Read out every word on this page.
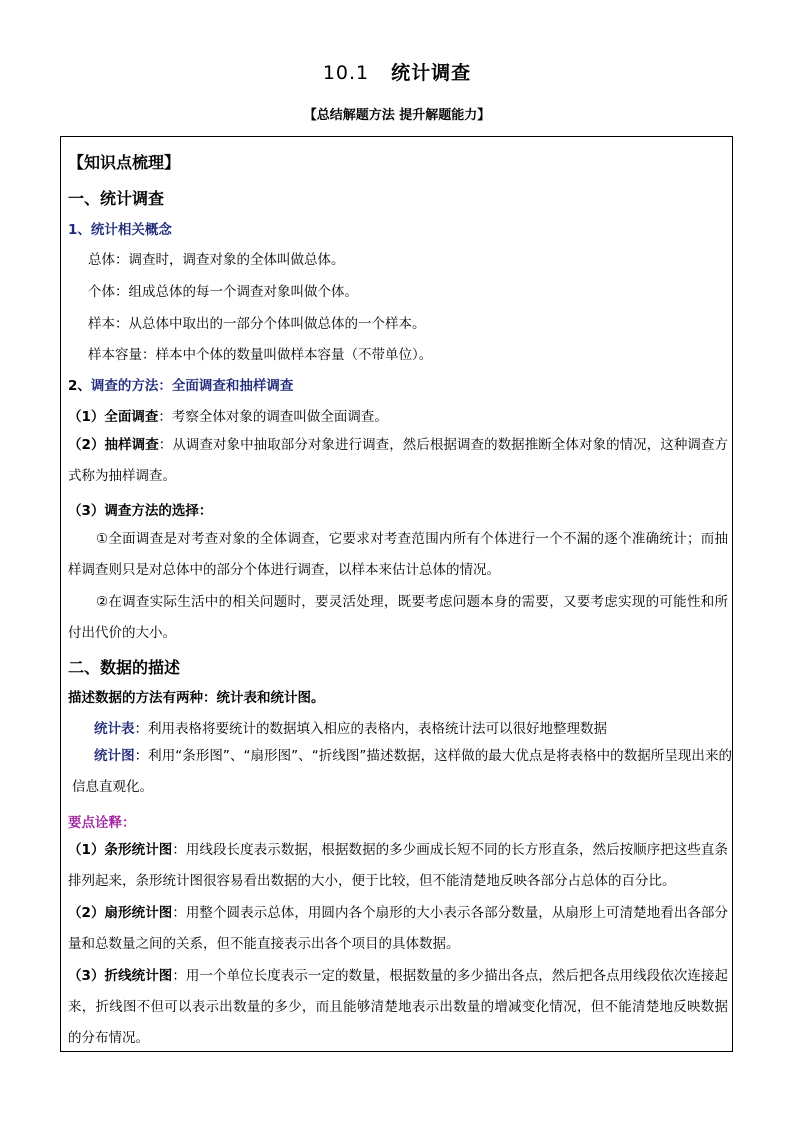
10.1 统计调查
【总结解题方法 提升解题能力】
【知识点梳理】
一、统计调查
1、统计相关概念
总体：调查时，调查对象的全体叫做总体。
个体：组成总体的每一个调查对象叫做个体。
样本：从总体中取出的一部分个体叫做总体的一个样本。
样本容量：样本中个体的数量叫做样本容量（不带单位）。
2、调查的方法：全面调查和抽样调查
（1）全面调查：考察全体对象的调查叫做全面调查。
（2）抽样调查：从调查对象中抽取部分对象进行调查，然后根据调查的数据推断全体对象的情况，这种调查方式称为抽样调查。
（3）调查方法的选择：
①全面调查是对考查对象的全体调查，它要求对考查范围内所有个体进行一个不漏的逐个准确统计；而抽样调查则只是对总体中的部分个体进行调查，以样本来估计总体的情况。
②在调查实际生活中的相关问题时，要灵活处理，既要考虑问题本身的需要，又要考虑实现的可能性和所付出代价的大小。
二、数据的描述
描述数据的方法有两种：统计表和统计图。
统计表：利用表格将要统计的数据填入相应的表格内，表格统计法可以很好地整理数据
统计图：利用“条形图”、“扇形图”、“折线图”描述数据，这样做的最大优点是将表格中的数据所呈现出来的信息直观化。
要点诠释：
（1）条形统计图：用线段长度表示数据，根据数据的多少画成长短不同的长方形直条，然后按顺序把这些直条排列起来，条形统计图很容易看出数据的大小，便于比较，但不能清楚地反映各部分占总体的百分比。
（2）扇形统计图：用整个圆表示总体，用圆内各个扇形的大小表示各部分数量，从扇形上可清楚地看出各部分量和总数量之间的关系，但不能直接表示出各个项目的具体数据。
（3）折线统计图：用一个单位长度表示一定的数量，根据数量的多少描出各点，然后把各点用线段依次连接起来，折线图不但可以表示出数量的多少，而且能够清楚地表示出数量的增减变化情况，但不能清楚地反映数据的分布情况。
